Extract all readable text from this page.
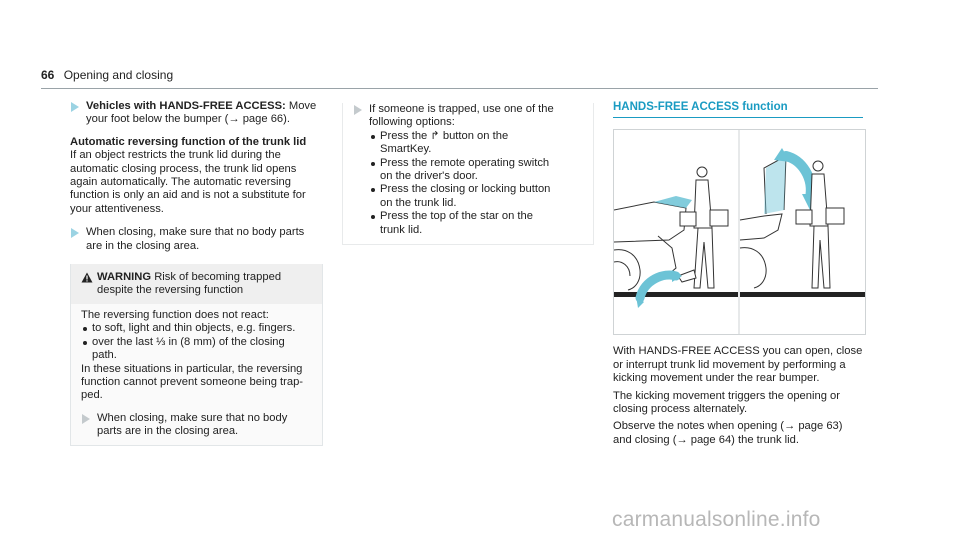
66 Opening and closing

Vehicles with HANDS-FREE ACCESS: Move

your foot below the bumper (→ page 66).

Automatic reversing function of the trunk lid

If an object restricts the trunk lid during the

automatic closing process, the trunk lid opens

again automatically. The automatic reversing

function is only an aid and is not a substitute for

your attentiveness.

When closing, make sure that no body parts

are in the closing area.

WARNING Risk of becoming trapped

despite the reversing function

The reversing function does not react:

to soft, light and thin objects, e.g. fingers.
over the last ⅓ in (8 mm) of the closing
path.

In these situations in particular, the reversing

function cannot prevent someone being trap-

ped.

When closing, make sure that no body

parts are in the closing area.

If someone is trapped, use one of the

following options:

Press the ↱ button on the
SmartKey.
Press the remote operating switch
on the driver's door.
Press the closing or locking button
on the trunk lid.
Press the top of the star on the
trunk lid.
HANDS-FREE ACCESS function

With HANDS-FREE ACCESS you can open, close

or interrupt trunk lid movement by performing a

kicking movement under the rear bumper.

The kicking movement triggers the opening or

closing process alternately.

Observe the notes when opening (→ page 63)

and closing (→ page 64) the trunk lid.

carmanualsonline.info
